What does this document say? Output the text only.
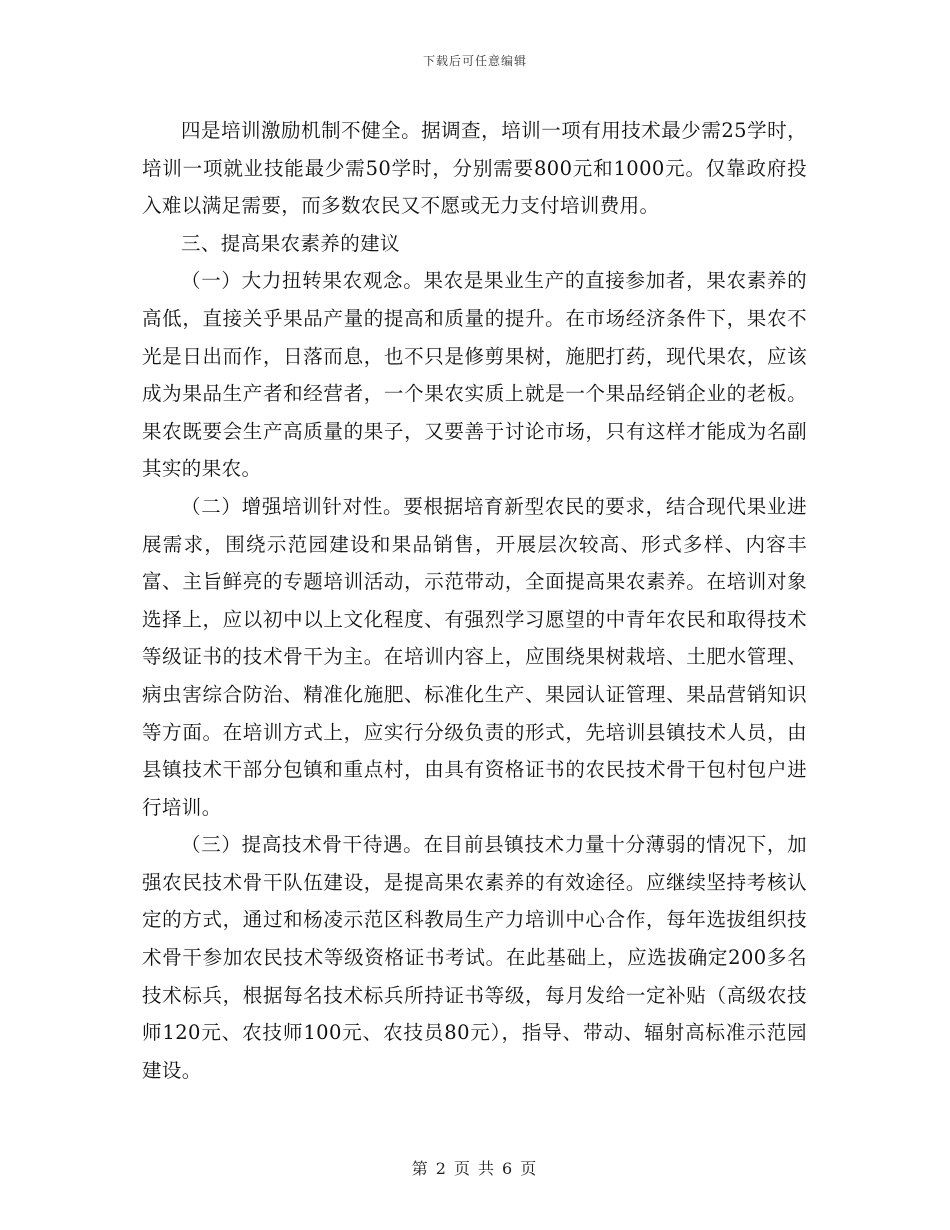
下载后可任意编辑

四是培训激励机制不健全。据调查，培训一项有用技术最少需25学时，培训一项就业技能最少需50学时，分别需要800元和1000元。仅靠政府投入难以满足需要，而多数农民又不愿或无力支付培训费用。

三、提高果农素养的建议

（一）大力扭转果农观念。果农是果业生产的直接参加者，果农素养的高低，直接关乎果品产量的提高和质量的提升。在市场经济条件下，果农不光是日出而作，日落而息，也不只是修剪果树，施肥打药，现代果农，应该成为果品生产者和经营者，一个果农实质上就是一个果品经销企业的老板。果农既要会生产高质量的果子，又要善于讨论市场，只有这样才能成为名副其实的果农。

（二）增强培训针对性。要根据培育新型农民的要求，结合现代果业进展需求，围绕示范园建设和果品销售，开展层次较高、形式多样、内容丰富、主旨鲜亮的专题培训活动，示范带动，全面提高果农素养。在培训对象选择上，应以初中以上文化程度、有强烈学习愿望的中青年农民和取得技术等级证书的技术骨干为主。在培训内容上，应围绕果树栽培、土肥水管理、病虫害综合防治、精准化施肥、标准化生产、果园认证管理、果品营销知识等方面。在培训方式上，应实行分级负责的形式，先培训县镇技术人员，由县镇技术干部分包镇和重点村，由具有资格证书的农民技术骨干包村包户进行培训。

（三）提高技术骨干待遇。在目前县镇技术力量十分薄弱的情况下，加强农民技术骨干队伍建设，是提高果农素养的有效途径。应继续坚持考核认定的方式，通过和杨凌示范区科教局生产力培训中心合作，每年选拔组织技术骨干参加农民技术等级资格证书考试。在此基础上，应选拔确定200多名技术标兵，根据每名技术标兵所持证书等级，每月发给一定补贴（高级农技师120元、农技师100元、农技员80元），指导、带动、辐射高标准示范园建设。

第 2 页 共 6 页
